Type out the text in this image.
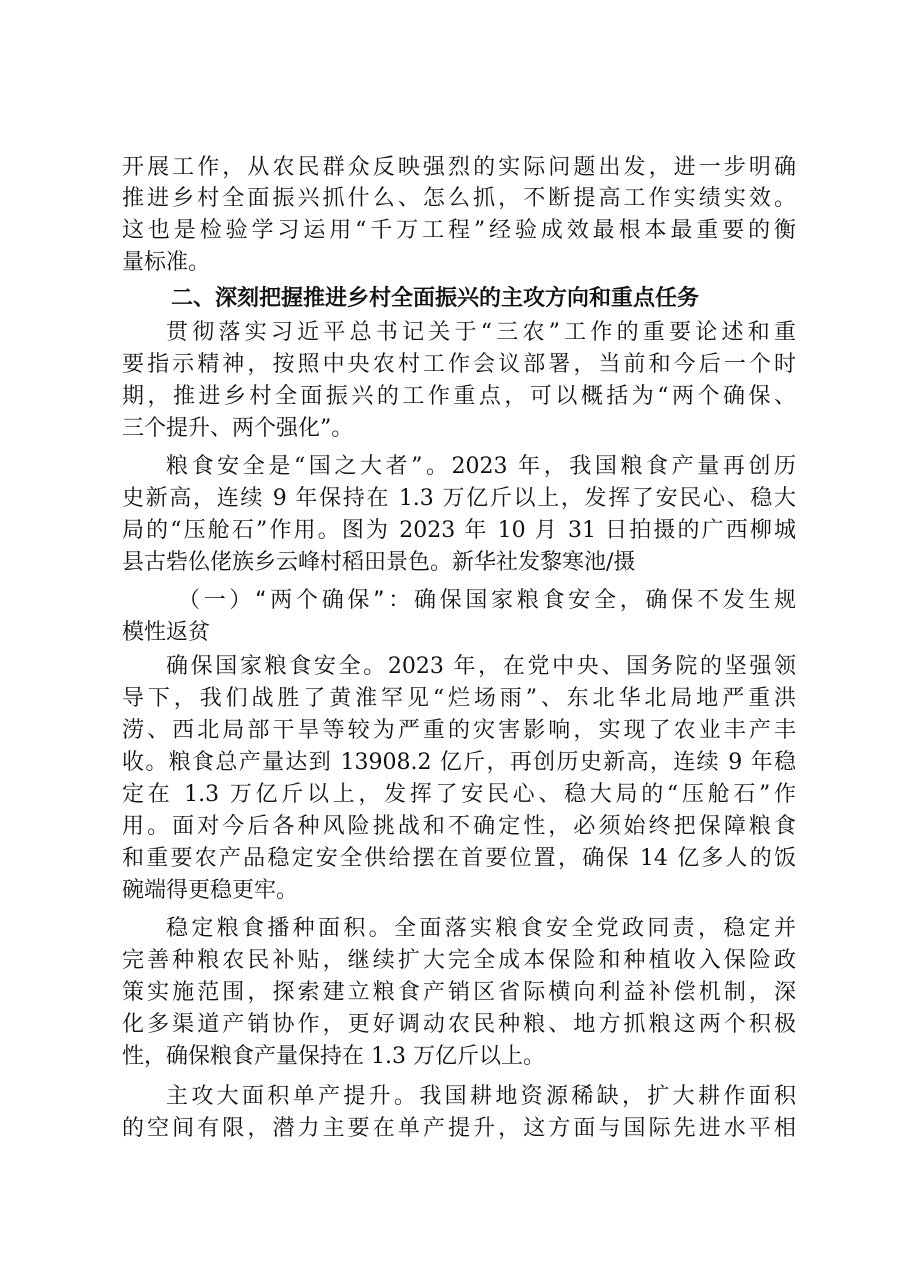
开展工作，从农民群众反映强烈的实际问题出发，进一步明确
推进乡村全面振兴抓什么、怎么抓，不断提高工作实绩实效。
这也是检验学习运用“千万工程”经验成效最根本最重要的衡
量标准。
二、深刻把握推进乡村全面振兴的主攻方向和重点任务
贯彻落实习近平总书记关于“三农”工作的重要论述和重
要指示精神，按照中央农村工作会议部署，当前和今后一个时
期，推进乡村全面振兴的工作重点，可以概括为“两个确保、
三个提升、两个强化”。
粮食安全是“国之大者”。2023 年，我国粮食产量再创历
史新高，连续 9 年保持在 1.3 万亿斤以上，发挥了安民心、稳大
局的“压舱石”作用。图为 2023 年 10 月 31 日拍摄的广西柳城
县古砦仫佬族乡云峰村稻田景色。新华社发黎寒池/摄
（一）“两个确保”：确保国家粮食安全，确保不发生规
模性返贫
确保国家粮食安全。2023 年，在党中央、国务院的坚强领
导下，我们战胜了黄淮罕见“烂场雨”、东北华北局地严重洪
涝、西北局部干旱等较为严重的灾害影响，实现了农业丰产丰
收。粮食总产量达到 13908.2 亿斤，再创历史新高，连续 9 年稳
定在 1.3 万亿斤以上，发挥了安民心、稳大局的“压舱石”作
用。面对今后各种风险挑战和不确定性，必须始终把保障粮食
和重要农产品稳定安全供给摆在首要位置，确保 14 亿多人的饭
碗端得更稳更牢。
稳定粮食播种面积。全面落实粮食安全党政同责，稳定并
完善种粮农民补贴，继续扩大完全成本保险和种植收入保险政
策实施范围，探索建立粮食产销区省际横向利益补偿机制，深
化多渠道产销协作，更好调动农民种粮、地方抓粮这两个积极
性，确保粮食产量保持在 1.3 万亿斤以上。
主攻大面积单产提升。我国耕地资源稀缺，扩大耕作面积
的空间有限，潜力主要在单产提升，这方面与国际先进水平相
